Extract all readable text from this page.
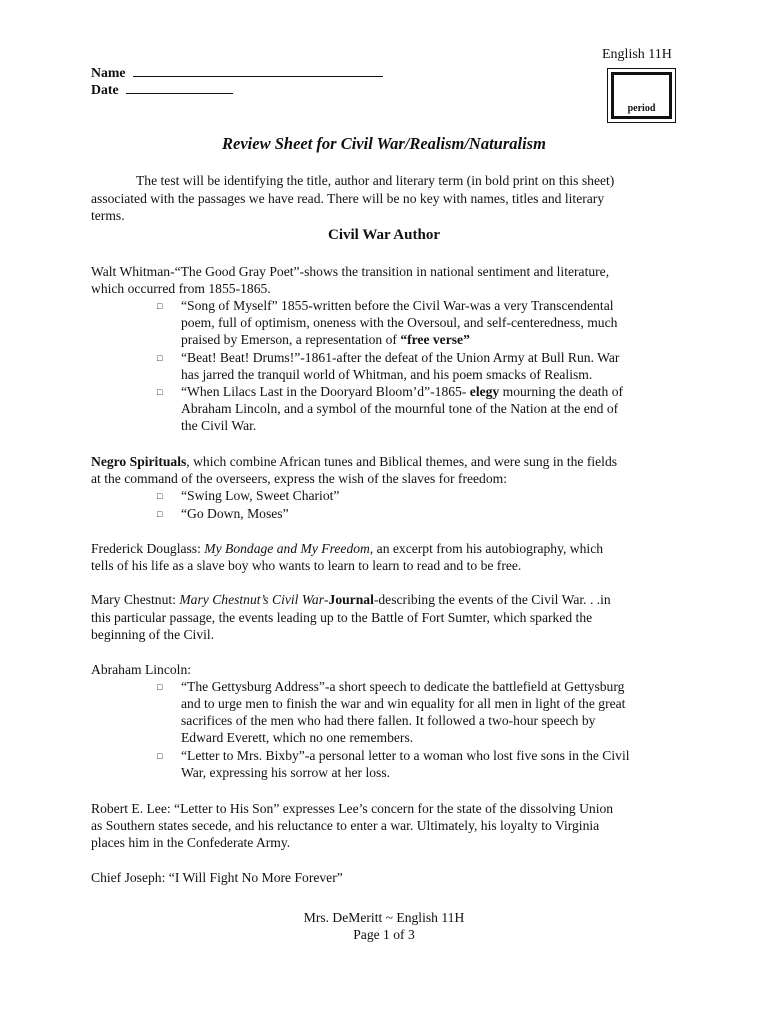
English 11H
period
Name
Date
Review Sheet for Civil War/Realism/Naturalism
The test will be identifying the title, author and literary term (in bold print on this sheet)
associated with the passages we have read. There will be no key with names, titles and literary
terms.
Civil War Author
Walt Whitman-“The Good Gray Poet”-shows the transition in national sentiment and literature,
which occurred from 1855-1865.
□
“Song of Myself” 1855-written before the Civil War-was a very Transcendental
poem, full of optimism, oneness with the Oversoul, and self-centeredness, much
praised by Emerson, a representation of “free verse”
□
“Beat! Beat! Drums!”-1861-after the defeat of the Union Army at Bull Run. War
has jarred the tranquil world of Whitman, and his poem smacks of Realism.
□
“When Lilacs Last in the Dooryard Bloom’d”-1865- elegy mourning the death of
Abraham Lincoln, and a symbol of the mournful tone of the Nation at the end of
the Civil War.
Negro Spirituals, which combine African tunes and Biblical themes, and were sung in the fields
at the command of the overseers, express the wish of the slaves for freedom:
□
“Swing Low, Sweet Chariot”
□
“Go Down, Moses”
Frederick Douglass: My Bondage and My Freedom, an excerpt from his autobiography, which
tells of his life as a slave boy who wants to learn to learn to read and to be free.
Mary Chestnut: Mary Chestnut’s Civil War-Journal-describing the events of the Civil War. . .in
this particular passage, the events leading up to the Battle of Fort Sumter, which sparked the
beginning of the Civil.
Abraham Lincoln:
□
“The Gettysburg Address”-a short speech to dedicate the battlefield at Gettysburg
and to urge men to finish the war and win equality for all men in light of the great
sacrifices of the men who had there fallen. It followed a two-hour speech by
Edward Everett, which no one remembers.
□
“Letter to Mrs. Bixby”-a personal letter to a woman who lost five sons in the Civil
War, expressing his sorrow at her loss.
Robert E. Lee: “Letter to His Son” expresses Lee’s concern for the state of the dissolving Union
as Southern states secede, and his reluctance to enter a war. Ultimately, his loyalty to Virginia
places him in the Confederate Army.
Chief Joseph: “I Will Fight No More Forever”
Mrs. DeMeritt ~ English 11H
Page 1 of 3
